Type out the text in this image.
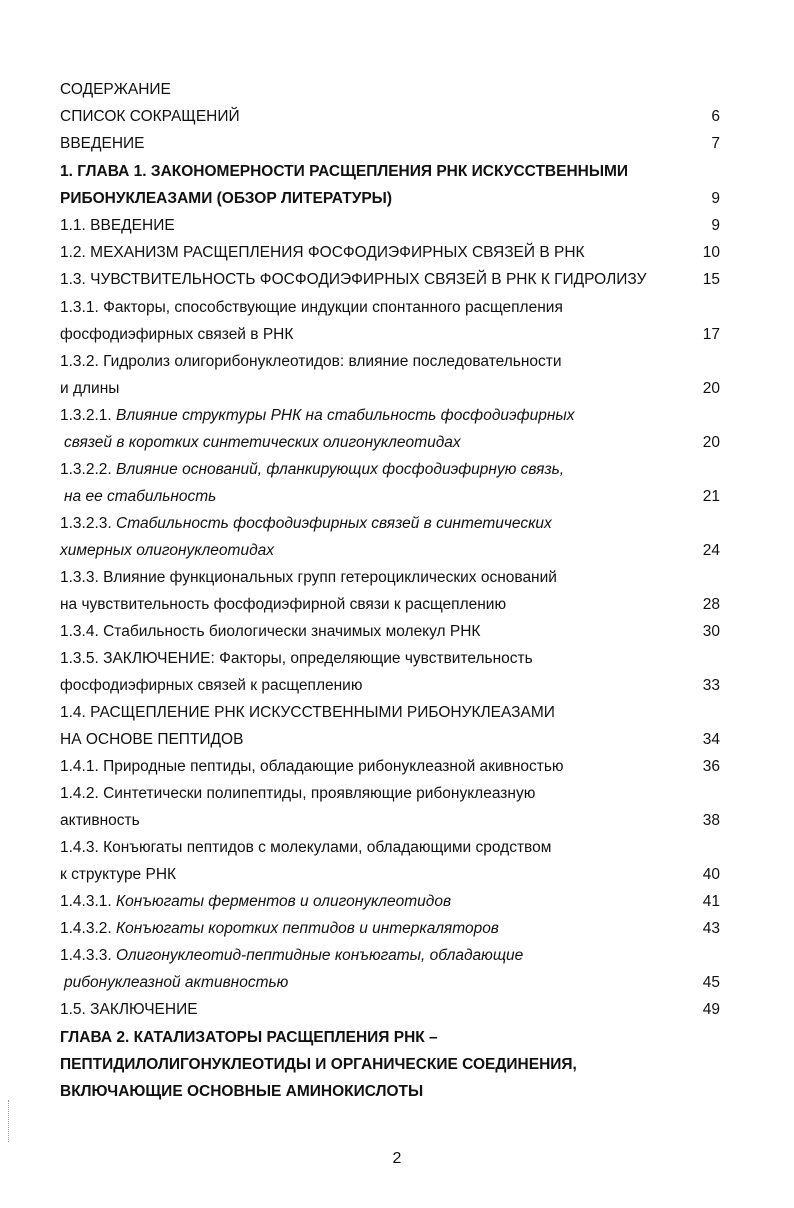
СОДЕРЖАНИЕ
СПИСОК СОКРАЩЕНИЙ	6
ВВЕДЕНИЕ	7
1. ГЛАВА 1. ЗАКОНОМЕРНОСТИ РАСЩЕПЛЕНИЯ РНК ИСКУССТВЕННЫМИ
РИБОНУКЛЕАЗАМИ (ОБЗОР ЛИТЕРАТУРЫ)	9
1.1. ВВЕДЕНИЕ	9
1.2. МЕХАНИЗМ РАСЩЕПЛЕНИЯ ФОСФОДИЭФИРНЫХ СВЯЗЕЙ В РНК	10
1.3. ЧУВСТВИТЕЛЬНОСТЬ ФОСФОДИЭФИРНЫХ СВЯЗЕЙ В РНК К ГИДРОЛИЗУ	15
1.3.1. Факторы, способствующие индукции спонтанного расщепления
фосфодиэфирных связей в РНК	17
1.3.2. Гидролиз олигорибонуклеотидов: влияние последовательности
и длины	20
1.3.2.1. Влияние структуры РНК на стабильность фосфодиэфирных
связей в коротких синтетических олигонуклеотидах	20
1.3.2.2. Влияние оснований, фланкирующих фосфодиэфирную связь,
на ее стабильность	21
1.3.2.3. Стабильность фосфодиэфирных связей в синтетических
химерных олигонуклеотидах	24
1.3.3. Влияние функциональных групп гетероциклических оснований
на чувствительность фосфодиэфирной связи к расщеплению	28
1.3.4. Стабильность биологически значимых молекул РНК	30
1.3.5. ЗАКЛЮЧЕНИЕ: Факторы, определяющие чувствительность
фосфодиэфирных связей к расщеплению	33
1.4. РАСЩЕПЛЕНИЕ РНК ИСКУССТВЕННЫМИ РИБОНУКЛЕАЗАМИ
НА ОСНОВЕ ПЕПТИДОВ	34
1.4.1. Природные пептиды, обладающие рибонуклеазной акивностью	36
1.4.2. Синтетически полипептиды, проявляющие рибонуклеазную
активность	38
1.4.3. Конъюгаты пептидов с молекулами, обладающими сродством
к структуре РНК	40
1.4.3.1. Конъюгаты ферментов и олигонуклеотидов	41
1.4.3.2. Конъюгаты коротких пептидов и интеркаляторов	43
1.4.3.3. Олигонуклеотид-пептидные конъюгаты, обладающие
рибонуклеазной активностью	45
1.5. ЗАКЛЮЧЕНИЕ	49
ГЛАВА 2. КАТАЛИЗАТОРЫ РАСЩЕПЛЕНИЯ РНК –
ПЕПТИДИЛОЛИГОНУКЛЕОТИДЫ И ОРГАНИЧЕСКИЕ СОЕДИНЕНИЯ,
ВКЛЮЧАЮЩИЕ ОСНОВНЫЕ АМИНОКИСЛОТЫ
2
